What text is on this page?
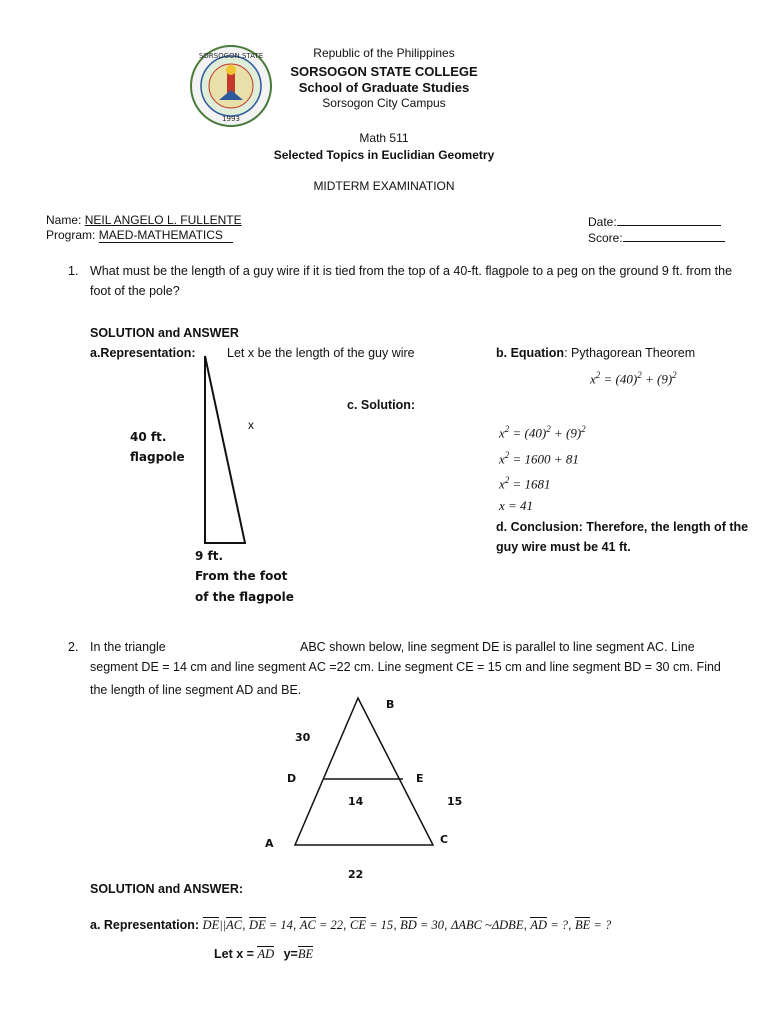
SORSOGON STATE
1993
Republic of the Philippines
SORSOGON STATE COLLEGE
School of Graduate Studies
Sorsogon City Campus
Math 511
Selected Topics in Euclidian Geometry
MIDTERM EXAMINATION
Name: NEIL ANGELO L. FULLENTE
Program: MAED-MATHEMATICS
Date:
Score:
1. What must be the length of a guy wire if it is tied from the top of a 40-ft. flagpole to a peg on the ground 9 ft. from the
foot of the pole?
SOLUTION and ANSWER
a.Representation:	Let x be the length of the guy wire	b. Equation: Pythagorean Theorem
$x^2 = (40)^2 + (9)^2$
x
40 ft.
flagpole
9 ft.
From the foot
of the flagpole
c. Solution:
$x^2 = (40)^2 + (9)^2$
$x^2 = 1600 + 81$
$x^2 = 1681$
x = 41
d. Conclusion: Therefore, the length of the
guy wire must be 41 ft.
2. In the triangle	ABC shown below, line segment DE is parallel to line segment AC. Line
segment DE = 14 cm and line segment AC =22 cm. Line segment CE = 15 cm and line segment BD = 30 cm. Find
the length of line segment AD and BE.
B
30
D	E
14	15
A	C
22
SOLUTION and ANSWER:
a. Representation: DE||AC, DE = 14, AC = 22, CE = 15, BD = 30, ΔABC ~ΔDBE, AD = ?, BE = ?
Let x = AD y=BE
